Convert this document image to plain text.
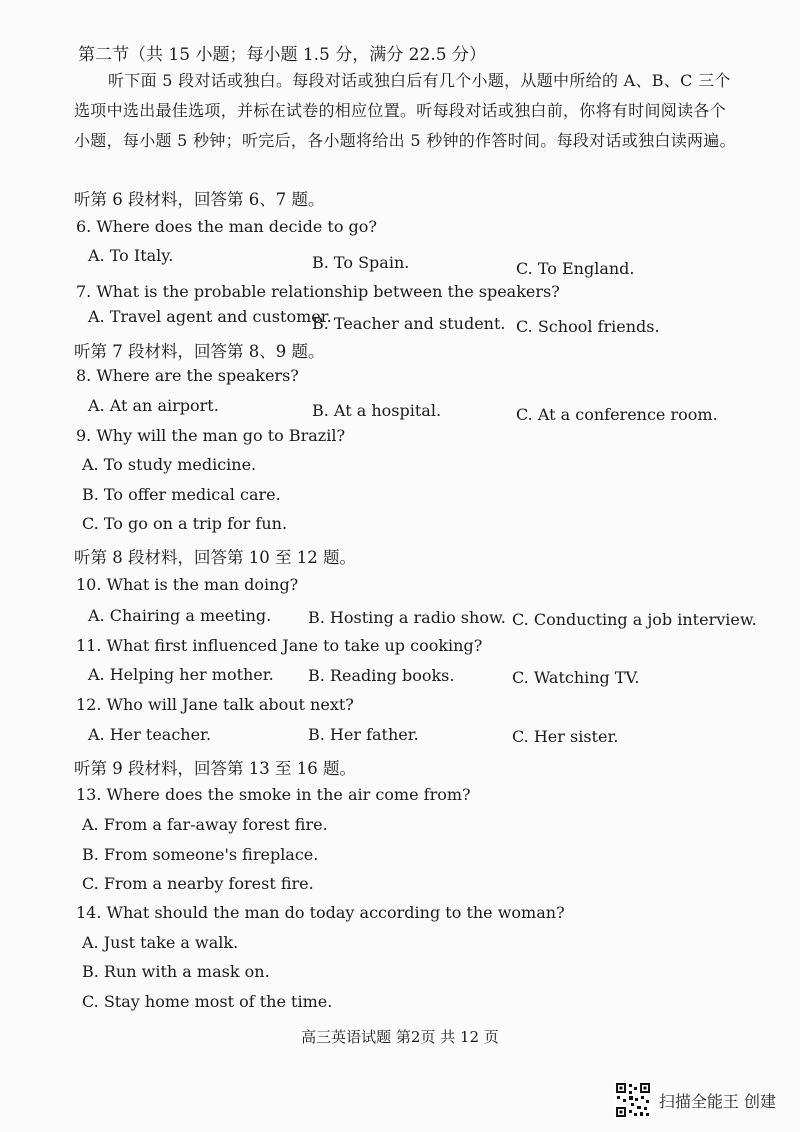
第二节（共 15 小题；每小题 1.5 分，满分 22.5 分）
听下面 5 段对话或独白。每段对话或独白后有几个小题，从题中所给的 A、B、C 三个选项中选出最佳选项，并标在试卷的相应位置。听每段对话或独白前，你将有时间阅读各个小题，每小题 5 秒钟；听完后，各小题将给出 5 秒钟的作答时间。每段对话或独白读两遍。
听第 6 段材料，回答第 6、7 题。
6. Where does the man decide to go?
A. To Italy.	B. To Spain.	C. To England.
7. What is the probable relationship between the speakers?
A. Travel agent and customer.
B. Teacher and student. C. School friends.
听第 7 段材料，回答第 8、9 题。
8. Where are the speakers?
A. At an airport.	B. At a hospital.	C. At a conference room.
9. Why will the man go to Brazil?
A. To study medicine.
B. To offer medical care.
C. To go on a trip for fun.
听第 8 段材料，回答第 10 至 12 题。
10. What is the man doing?
A. Chairing a meeting. B. Hosting a radio show. C. Conducting a job interview.
11. What first influenced Jane to take up cooking?
A. Helping her mother. B. Reading books.	C. Watching TV.
12. Who will Jane talk about next?
A. Her teacher.	B. Her father.	C. Her sister.
听第 9 段材料，回答第 13 至 16 题。
13. Where does the smoke in the air come from?
A. From a far-away forest fire.
B. From someone's fireplace.
C. From a nearby forest fire.
14. What should the man do today according to the woman?
A. Just take a walk.
B. Run with a mask on.
C. Stay home most of the time.
高三英语试题 第2页 共 12 页
扫描全能王 创建
